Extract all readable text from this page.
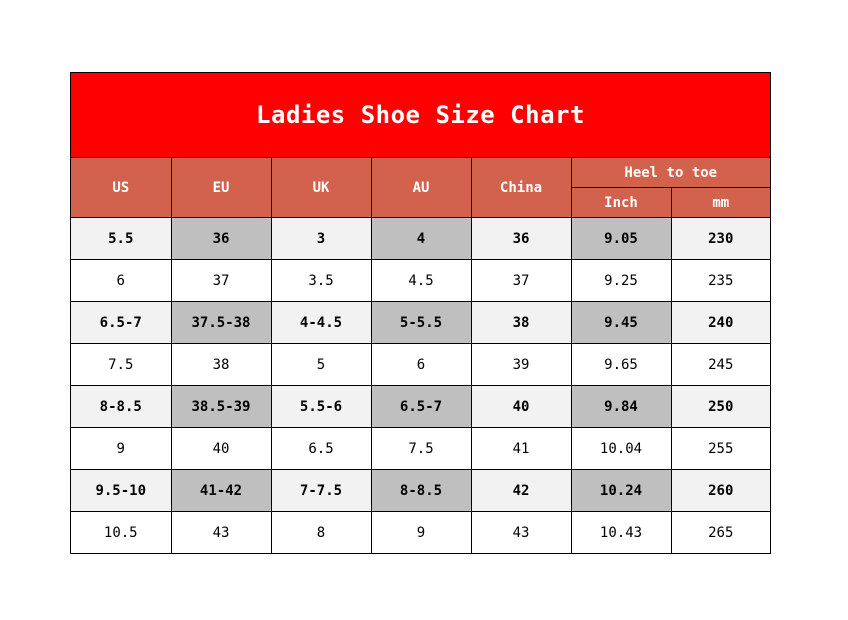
Ladies Shoe Size Chart
US	EU	UK	AU	China	Heel to toe	
					Inch	mm
5.5	36	3	4	36	9.05	230
6	37	3.5	4.5	37	9.25	235
6.5-7	37.5-38	4-4.5	5-5.5	38	9.45	240
7.5	38	5	6	39	9.65	245
8-8.5	38.5-39	5.5-6	6.5-7	40	9.84	250
9	40	6.5	7.5	41	10.04	255
9.5-10	41-42	7-7.5	8-8.5	42	10.24	260
10.5	43	8	9	43	10.43	265
